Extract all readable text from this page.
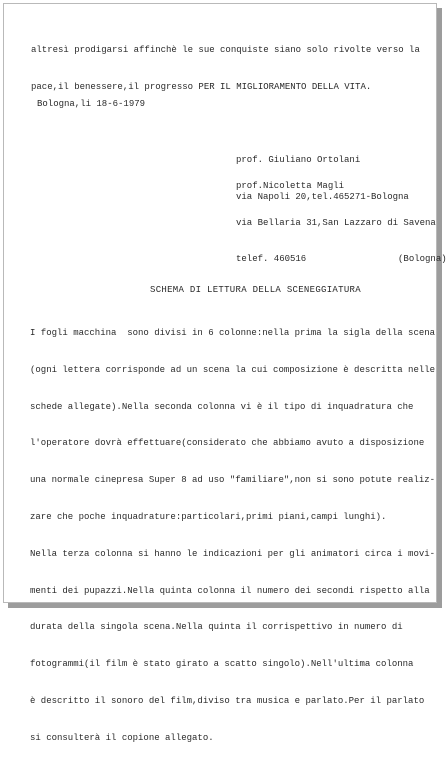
altresì prodigarsi affinchè le sue conquiste siano solo rivolte verso la

pace,il benessere,il progresso PER IL MIGLIORAMENTO DELLA VITA.

Bologna,li 18-6-1979

prof. Giuliano Ortolani

via Napoli 20,tel.465271-Bologna

prof.Nicoletta Magli

via Bellaria 31,San Lazzaro di Savena

telef. 460516                 (Bologna)

SCHEMA DI LETTURA DELLA SCENEGGIATURA

I fogli macchina  sono divisi in 6 colonne:nella prima la sigla della scena

(ogni lettera corrisponde ad un scena la cui composizione è descritta nelle

schede allegate).Nella seconda colonna vi è il tipo di inquadratura che

l'operatore dovrà effettuare(considerato che abbiamo avuto a disposizione

una normale cinepresa Super 8 ad uso "familiare",non si sono potute realiz-

zare che poche inquadrature:particolari,primi piani,campi lunghi).

Nella terza colonna si hanno le indicazioni per gli animatori circa i movi-

menti dei pupazzi.Nella quinta colonna il numero dei secondi rispetto alla

durata della singola scena.Nella quinta il corrispettivo in numero di

fotogrammi(il film è stato girato a scatto singolo).Nell'ultima colonna

è descritto il sonoro del film,diviso tra musica e parlato.Per il parlato

si consulterà il copione allegato.
